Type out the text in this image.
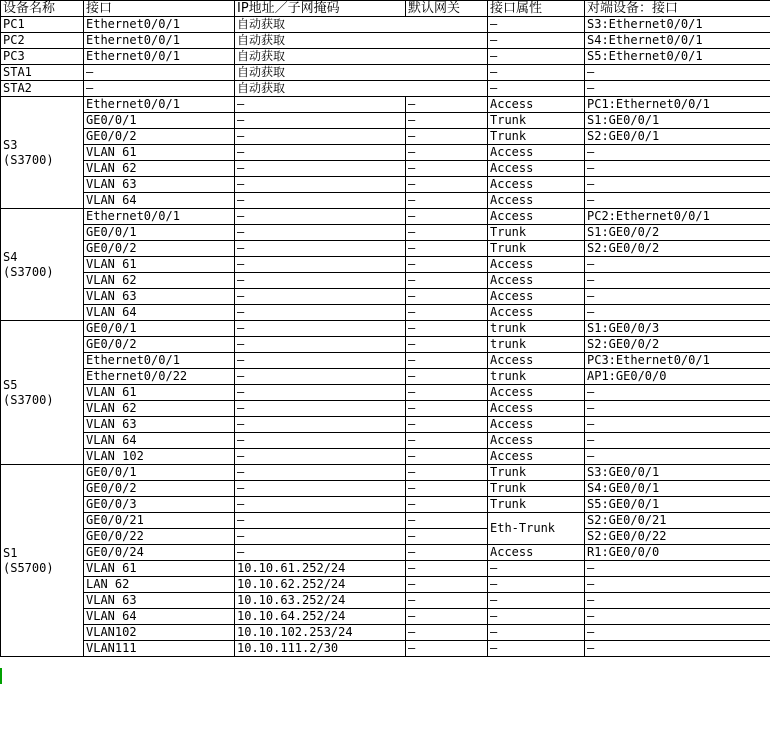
设备名称	接口	IP地址／子网掩码	默认网关	接口属性	对端设备：接口
PC1	Ethernet0/0/1	自动获取		–	S3:Ethernet0/0/1
PC2	Ethernet0/0/1	自动获取		—	S4:Ethernet0/0/1
PC3	Ethernet0/0/1	自动获取		–	S5:Ethernet0/0/1
STA1	–	自动获取		–	–
STA2	–	自动获取		–	–

S3
(S3700)	Ethernet0/0/1	–	–	Access	PC1:Ethernet0/0/1
	GE0/0/1	–	–	Trunk	S1:GE0/0/1
	GE0/0/2	–	–	Trunk	S2:GE0/0/1
	VLAN 61	–	–	Access	–
	VLAN 62	–	–	Access	–
	VLAN 63	–	–	Access	–
	VLAN 64	–	–	Access	–

S4
(S3700)	Ethernet0/0/1	–	–	Access	PC2:Ethernet0/0/1
	GE0/0/1	–	–	Trunk	S1:GE0/0/2
	GE0/0/2	–	–	Trunk	S2:GE0/0/2
	VLAN 61	–	–	Access	–
	VLAN 62	–	–	Access	–
	VLAN 63	–	–	Access	–
	VLAN 64	–	–	Access	–

S5
(S3700)	GE0/0/1	–	–	trunk	S1:GE0/0/3
	GE0/0/2	–	–	trunk	S2:GE0/0/2
	Ethernet0/0/1	–	–	Access	PC3:Ethernet0/0/1
	Ethernet0/0/22	–	–	trunk	AP1:GE0/0/0
	VLAN 61	–	–	Access	–
	VLAN 62	–	–	Access	–
	VLAN 63	–	–	Access	–
	VLAN 64	–	–	Access	–
	VLAN 102	–	–	Access	–

S1
(S5700)	GE0/0/1	–	–	Trunk	S3:GE0/0/1
	GE0/0/2	–	–	Trunk	S4:GE0/0/1
	GE0/0/3	–	–	Trunk	S5:GE0/0/1
	GE0/0/21	–	–	Eth-Trunk	S2:GE0/0/21
	GE0/0/22	–	–		S2:GE0/0/22
	GE0/0/24	–	–	Access	R1:GE0/0/0
	VLAN 61	10.10.61.252/24	–	–	–
	LAN 62	10.10.62.252/24	–	–	–
	VLAN 63	10.10.63.252/24	–	–	–
	VLAN 64	10.10.64.252/24	–	–	–
	VLAN102	10.10.102.253/24	–	–	–
	VLAN111	10.10.111.2/30	–	–	–
